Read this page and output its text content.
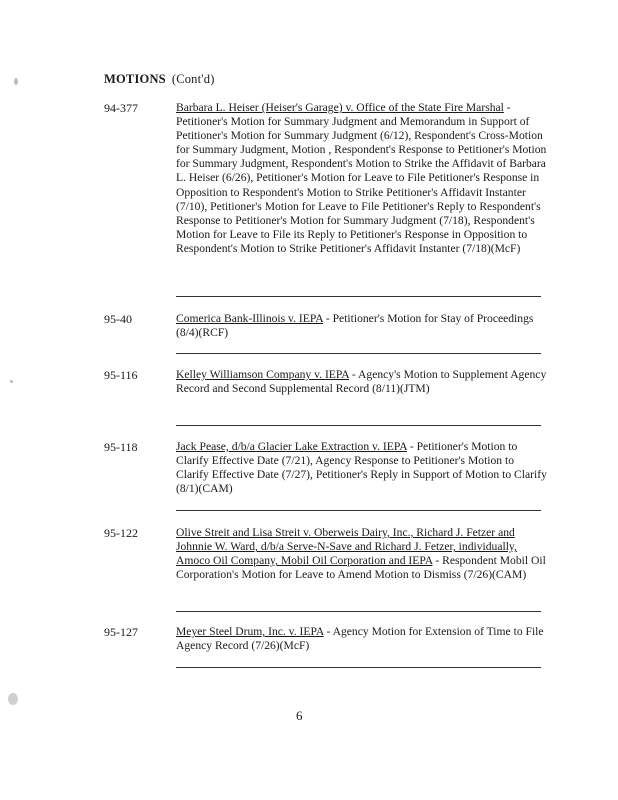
MOTIONS (Cont'd)
94-377	Barbara L. Heiser (Heiser's Garage) v. Office of the State Fire Marshal - Petitioner's Motion for Summary Judgment and Memorandum in Support of Petitioner's Motion for Summary Judgment (6/12), Respondent's Cross-Motion for Summary Judgment, Motion , Respondent's Response to Petitioner's Motion for Summary Judgment, Respondent's Motion to Strike the Affidavit of Barbara L. Heiser (6/26), Petitioner's Motion for Leave to File Petitioner's Response in Opposition to Respondent's Motion to Strike Petitioner's Affidavit Instanter (7/10), Petitioner's Motion for Leave to File Petitioner's Reply to Respondent's Response to Petitioner's Motion for Summary Judgment (7/18), Respondent's Motion for Leave to File its Reply to Petitioner's Response in Opposition to Respondent's Motion to Strike Petitioner's Affidavit Instanter (7/18)(McF)
95-40	Comerica Bank-Illinois v. IEPA - Petitioner's Motion for Stay of Proceedings (8/4)(RCF)
95-116	Kelley Williamson Company v. IEPA - Agency's Motion to Supplement Agency Record and Second Supplemental Record (8/11)(JTM)
95-118	Jack Pease, d/b/a Glacier Lake Extraction v. IEPA - Petitioner's Motion to Clarify Effective Date (7/21), Agency Response to Petitioner's Motion to Clarify Effective Date (7/27), Petitioner's Reply in Support of Motion to Clarify (8/1)(CAM)
95-122	Olive Streit and Lisa Streit v. Oberweis Dairy, Inc., Richard J. Fetzer and Johnnie W. Ward, d/b/a Serve-N-Save and Richard J. Fetzer, individually, Amoco Oil Company, Mobil Oil Corporation and IEPA - Respondent Mobil Oil Corporation's Motion for Leave to Amend Motion to Dismiss (7/26)(CAM)
95-127	Meyer Steel Drum, Inc. v. IEPA - Agency Motion for Extension of Time to File Agency Record (7/26)(McF)
6
